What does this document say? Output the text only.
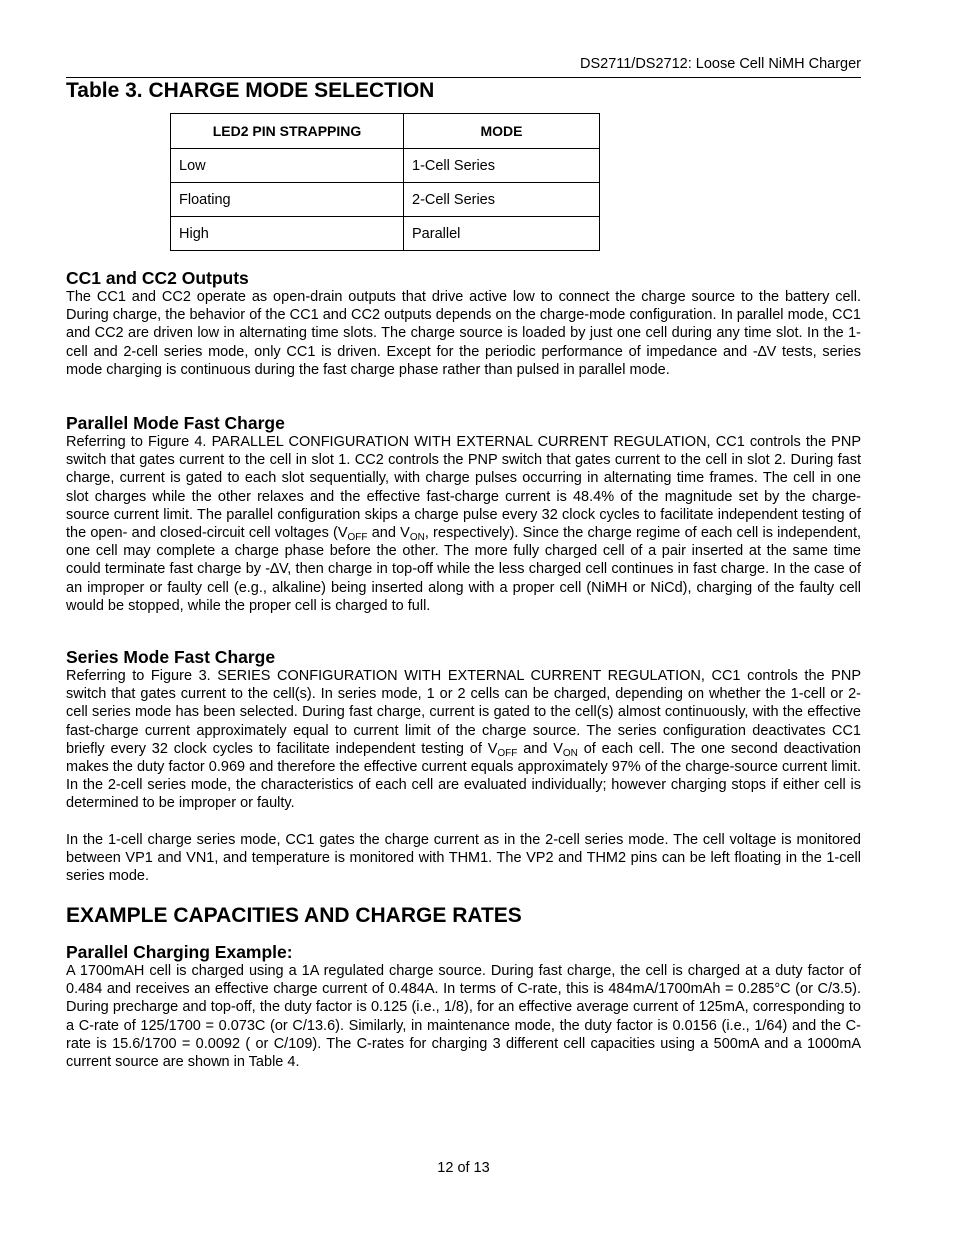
DS2711/DS2712: Loose Cell NiMH Charger
Table 3. CHARGE MODE SELECTION
LED2 PIN STRAPPING	MODE
Low	1-Cell Series
Floating	2-Cell Series
High	Parallel
CC1 and CC2 Outputs

The CC1 and CC2 operate as open-drain outputs that drive active low to connect the charge source to the battery cell. During charge, the behavior of the CC1 and CC2 outputs depends on the charge-mode configuration. In parallel mode, CC1 and CC2 are driven low in alternating time slots. The charge source is loaded by just one cell during any time slot. In the 1-cell and 2-cell series mode, only CC1 is driven. Except for the periodic performance of impedance and -∆V tests, series mode charging is continuous during the fast charge phase rather than pulsed in parallel mode.

Parallel Mode Fast Charge

Referring to Figure 4. PARALLEL CONFIGURATION WITH EXTERNAL CURRENT REGULATION, CC1 controls the PNP switch that gates current to the cell in slot 1. CC2 controls the PNP switch that gates current to the cell in slot 2. During fast charge, current is gated to each slot sequentially, with charge pulses occurring in alternating time frames. The cell in one slot charges while the other relaxes and the effective fast-charge current is 48.4% of the magnitude set by the charge-source current limit. The parallel configuration skips a charge pulse every 32 clock cycles to facilitate independent testing of the open- and closed-circuit cell voltages ($V_{OFF}$ and $V_{ON}$, respectively). Since the charge regime of each cell is independent, one cell may complete a charge phase before the other. The more fully charged cell of a pair inserted at the same time could terminate fast charge by -∆V, then charge in top-off while the less charged cell continues in fast charge. In the case of an improper or faulty cell (e.g., alkaline) being inserted along with a proper cell (NiMH or NiCd), charging of the faulty cell would be stopped, while the proper cell is charged to full.

Series Mode Fast Charge

Referring to Figure 3. SERIES CONFIGURATION WITH EXTERNAL CURRENT REGULATION, CC1 controls the PNP switch that gates current to the cell(s). In series mode, 1 or 2 cells can be charged, depending on whether the 1-cell or 2-cell series mode has been selected. During fast charge, current is gated to the cell(s) almost continuously, with the effective fast-charge current approximately equal to current limit of the charge source. The series configuration deactivates CC1 briefly every 32 clock cycles to facilitate independent testing of $V_{OFF}$ and $V_{ON}$ of each cell. The one second deactivation makes the duty factor 0.969 and therefore the effective current equals approximately 97% of the charge-source current limit. In the 2-cell series mode, the characteristics of each cell are evaluated individually; however charging stops if either cell is determined to be improper or faulty.

In the 1-cell charge series mode, CC1 gates the charge current as in the 2-cell series mode. The cell voltage is monitored between VP1 and VN1, and temperature is monitored with THM1. The VP2 and THM2 pins can be left floating in the 1-cell series mode.

EXAMPLE CAPACITIES AND CHARGE RATES
Parallel Charging Example:

A 1700mAH cell is charged using a 1A regulated charge source. During fast charge, the cell is charged at a duty factor of 0.484 and receives an effective charge current of 0.484A. In terms of C-rate, this is 484mA/1700mAh = 0.285°C (or C/3.5). During precharge and top-off, the duty factor is 0.125 (i.e., 1/8), for an effective average current of 125mA, corresponding to a C-rate of 125/1700 = 0.073C (or C/13.6). Similarly, in maintenance mode, the duty factor is 0.0156 (i.e., 1/64) and the C-rate is 15.6/1700 = 0.0092 ( or C/109). The C-rates for charging 3 different cell capacities using a 500mA and a 1000mA current source are shown in Table 4.

12 of 13
